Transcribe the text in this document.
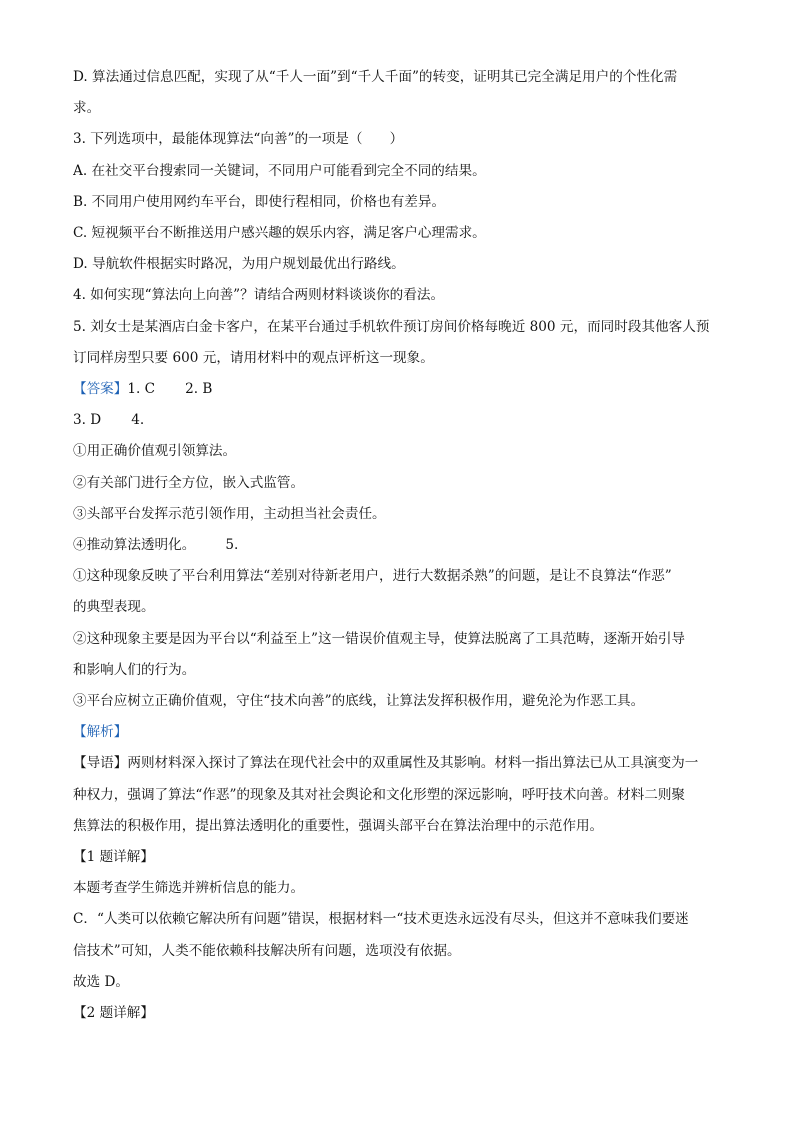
D. 算法通过信息匹配，实现了从“千人一面”到“千人千面”的转变，证明其已完全满足用户的个性化需
求。
3. 下列选项中，最能体现算法“向善”的一项是（　　）
A. 在社交平台搜索同一关键词，不同用户可能看到完全不同的结果。
B. 不同用户使用网约车平台，即使行程相同，价格也有差异。
C. 短视频平台不断推送用户感兴趣的娱乐内容，满足客户心理需求。
D. 导航软件根据实时路况，为用户规划最优出行路线。
4. 如何实现“算法向上向善”？请结合两则材料谈谈你的看法。
5. 刘女士是某酒店白金卡客户，在某平台通过手机软件预订房间价格每晚近 800 元，而同时段其他客人预
订同样房型只要 600 元，请用材料中的观点评析这一现象。
【答案】1. C 2. B
3. D 4.
①用正确价值观引领算法。
②有关部门进行全方位，嵌入式监管。
③头部平台发挥示范引领作用，主动担当社会责任。
④推动算法透明化。 5.
①这种现象反映了平台利用算法“差别对待新老用户，进行大数据杀熟”的问题，是让不良算法“作恶”
的典型表现。
②这种现象主要是因为平台以“利益至上”这一错误价值观主导，使算法脱离了工具范畴，逐渐开始引导
和影响人们的行为。
③平台应树立正确价值观，守住“技术向善”的底线，让算法发挥积极作用，避免沦为作恶工具。
【解析】
【导语】两则材料深入探讨了算法在现代社会中的双重属性及其影响。材料一指出算法已从工具演变为一
种权力，强调了算法“作恶”的现象及其对社会舆论和文化形塑的深远影响，呼吁技术向善。材料二则聚
焦算法的积极作用，提出算法透明化的重要性，强调头部平台在算法治理中的示范作用。
【1 题详解】
本题考查学生筛选并辨析信息的能力。
C．“人类可以依赖它解决所有问题”错误，根据材料一“技术更迭永远没有尽头，但这并不意味我们要迷
信技术”可知，人类不能依赖科技解决所有问题，选项没有依据。
故选 D。
【2 题详解】
